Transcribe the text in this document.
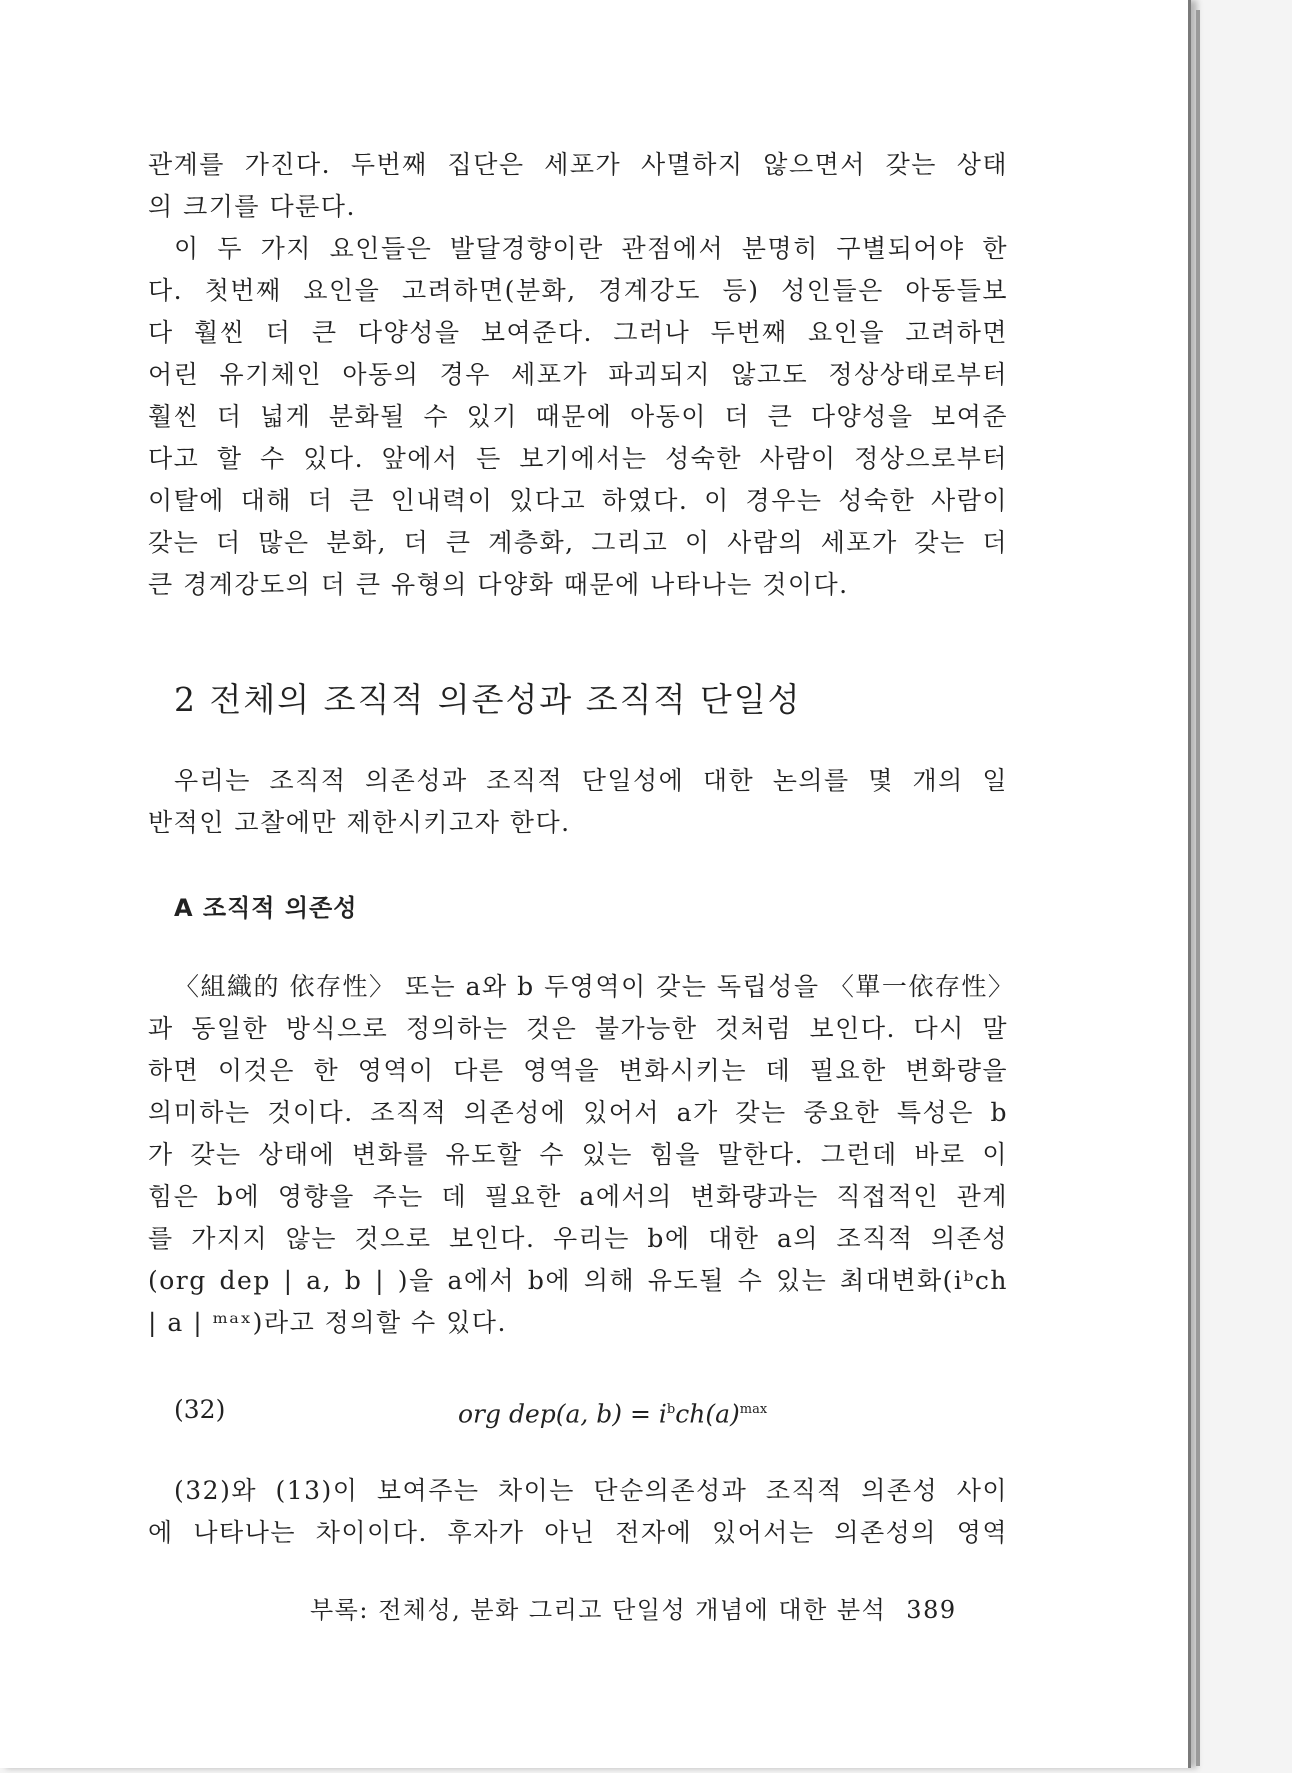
관계를 가진다. 두번째 집단은 세포가 사멸하지 않으면서 갖는 상태
의 크기를 다룬다.

이 두 가지 요인들은 발달경향이란 관점에서 분명히 구별되어야 한
다. 첫번째 요인을 고려하면(분화, 경계강도 등) 성인들은 아동들보
다 훨씬 더 큰 다양성을 보여준다. 그러나 두번째 요인을 고려하면
어린 유기체인 아동의 경우 세포가 파괴되지 않고도 정상상태로부터
훨씬 더 넓게 분화될 수 있기 때문에 아동이 더 큰 다양성을 보여준
다고 할 수 있다. 앞에서 든 보기에서는 성숙한 사람이 정상으로부터
이탈에 대해 더 큰 인내력이 있다고 하였다. 이 경우는 성숙한 사람이
갖는 더 많은 분화, 더 큰 계층화, 그리고 이 사람의 세포가 갖는 더
큰 경계강도의 더 큰 유형의 다양화 때문에 나타나는 것이다.

2 전체의 조직적 의존성과 조직적 단일성

우리는 조직적 의존성과 조직적 단일성에 대한 논의를 몇 개의 일
반적인 고찰에만 제한시키고자 한다.

A 조직적 의존성

〈組織的 依存性〉 또는 a와 b 두영역이 갖는 독립성을 〈單一依存性〉
과 동일한 방식으로 정의하는 것은 불가능한 것처럼 보인다. 다시 말
하면 이것은 한 영역이 다른 영역을 변화시키는 데 필요한 변화량을
의미하는 것이다. 조직적 의존성에 있어서 a가 갖는 중요한 특성은 b
가 갖는 상태에 변화를 유도할 수 있는 힘을 말한다. 그런데 바로 이
힘은 b에 영향을 주는 데 필요한 a에서의 변화량과는 직접적인 관계
를 가지지 않는 것으로 보인다. 우리는 b에 대한 a의 조직적 의존성
(org dep | a, b | )을 a에서 b에 의해 유도될 수 있는 최대변화(iᵇch
| a | ᵐᵃˣ)라고 정의할 수 있다.

(32)	org dep(a, $b) = i^bch(a)^{max}$

(32)와 (13)이 보여주는 차이는 단순의존성과 조직적 의존성 사이
에 나타나는 차이이다. 후자가 아닌 전자에 있어서는 의존성의 영역

부록: 전체성, 분화 그리고 단일성 개념에 대한 분석 389
